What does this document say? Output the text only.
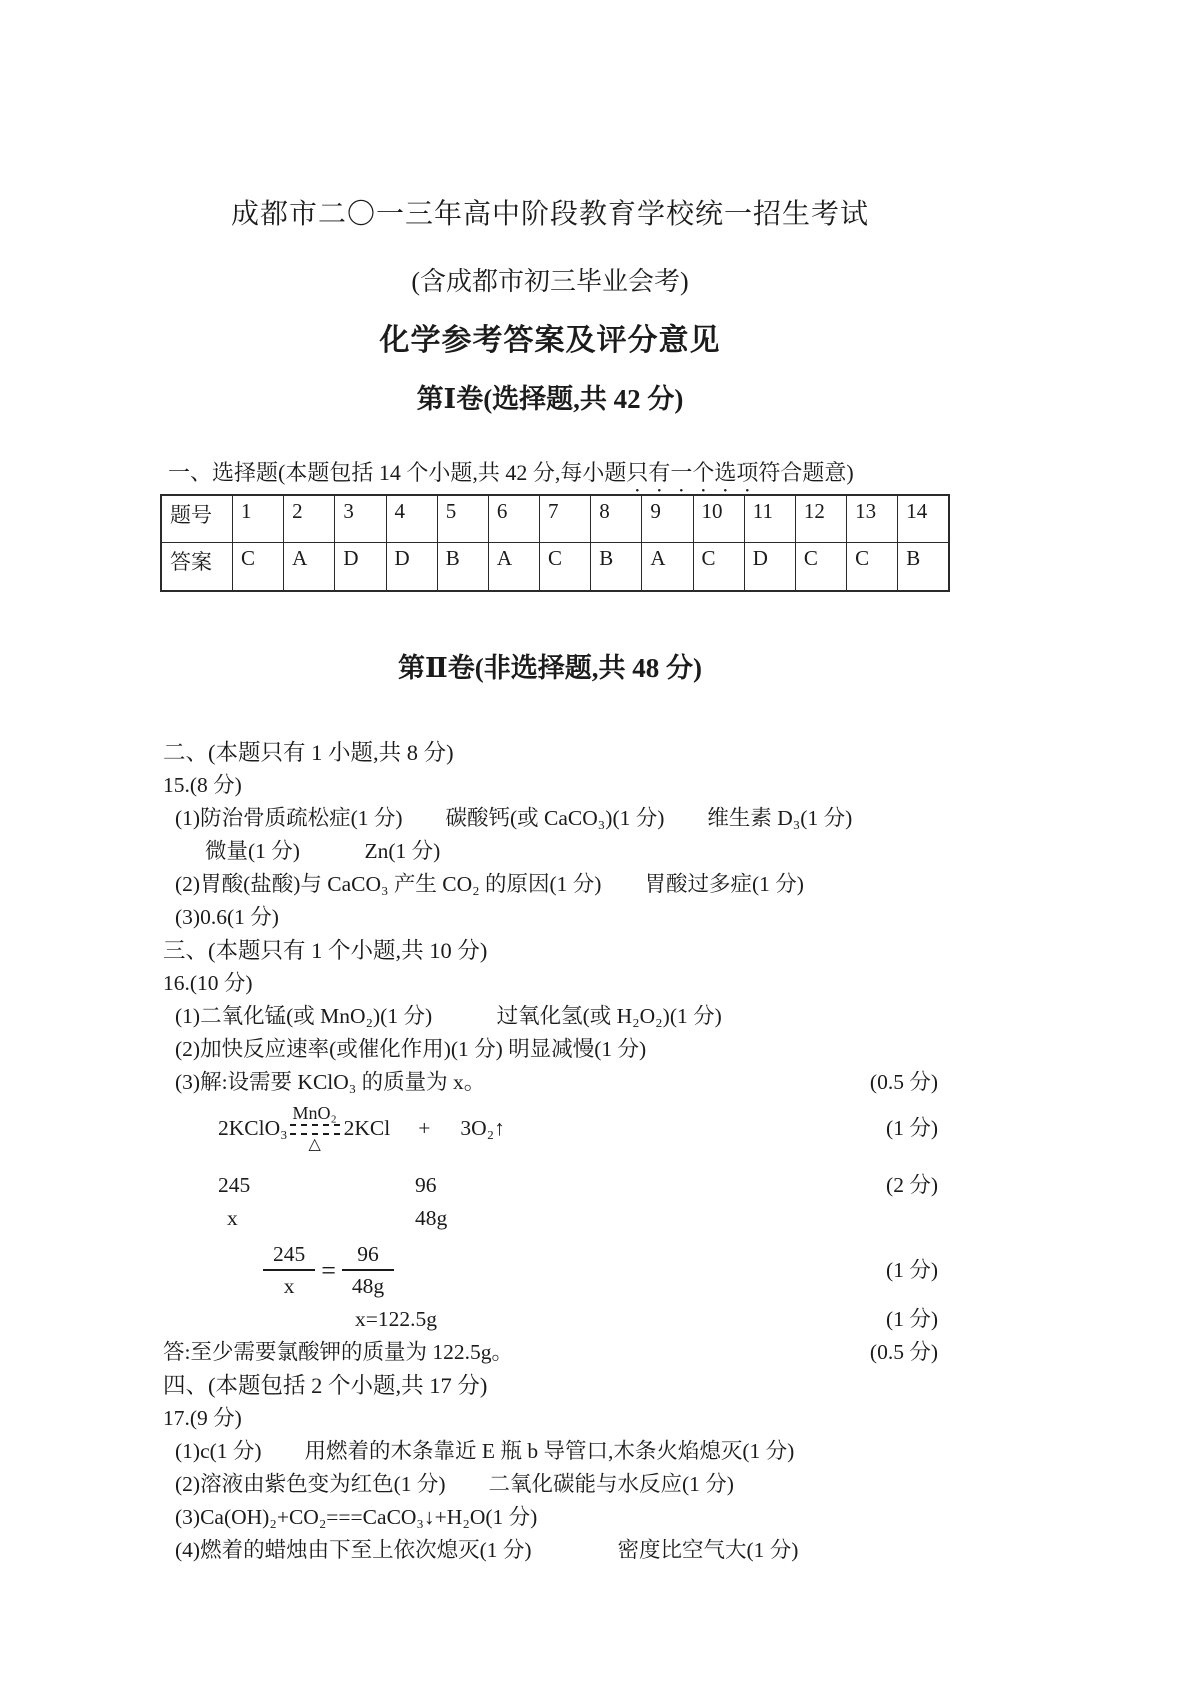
成都市二〇一三年高中阶段教育学校统一招生考试
(含成都市初三毕业会考)
化学参考答案及评分意见
第Ⅰ卷(选择题,共 42 分)
一、选择题(本题包括 14 个小题,共 42 分,每小题只有一个选项符合题意)
题号	1	2	3	4	5	6	7	8	9	10	11	12	13	14
答案	C	A	D	D	B	A	C	B	A	C	D	C	C	B
第Ⅱ卷(非选择题,共 48 分)
二、(本题只有 1 小题,共 8 分)
15.(8 分)
(1)防治骨质疏松症(1 分)　　碳酸钙(或 CaCO₃)(1 分)　　维生素 D₃(1 分)
微量(1 分)　　　Zn(1 分)
(2)胃酸(盐酸)与 CaCO₃ 产生 CO₂ 的原因(1 分)　　胃酸过多症(1 分)
(3)0.6(1 分)
三、(本题只有 1 个小题,共 10 分)
16.(10 分)
(1)二氧化锰(或 MnO₂)(1 分)　　　过氧化氢(或 H₂O₂)(1 分)
(2)加快反应速率(或催化作用)(1 分) 明显减慢(1 分)
(3)解:设需要 KClO₃ 的质量为 x。	(0.5 分)
2KClO₃
MnO₂
△
2KCl + 3O₂↑	(1 分)
245	96	(2 分)
x	48g
$\frac{245}{x} = \frac{96}{48g}$	(1 分)
x=122.5g	(1 分)
答:至少需要氯酸钾的质量为 122.5g。	(0.5 分)
四、(本题包括 2 个小题,共 17 分)
17.(9 分)
(1)c(1 分)　　用燃着的木条靠近 E 瓶 b 导管口,木条火焰熄灭(1 分)
(2)溶液由紫色变为红色(1 分)　　二氧化碳能与水反应(1 分)
(3)Ca(OH)₂+CO₂===CaCO₃↓+H₂O(1 分)
(4)燃着的蜡烛由下至上依次熄灭(1 分)　　　　密度比空气大(1 分)
